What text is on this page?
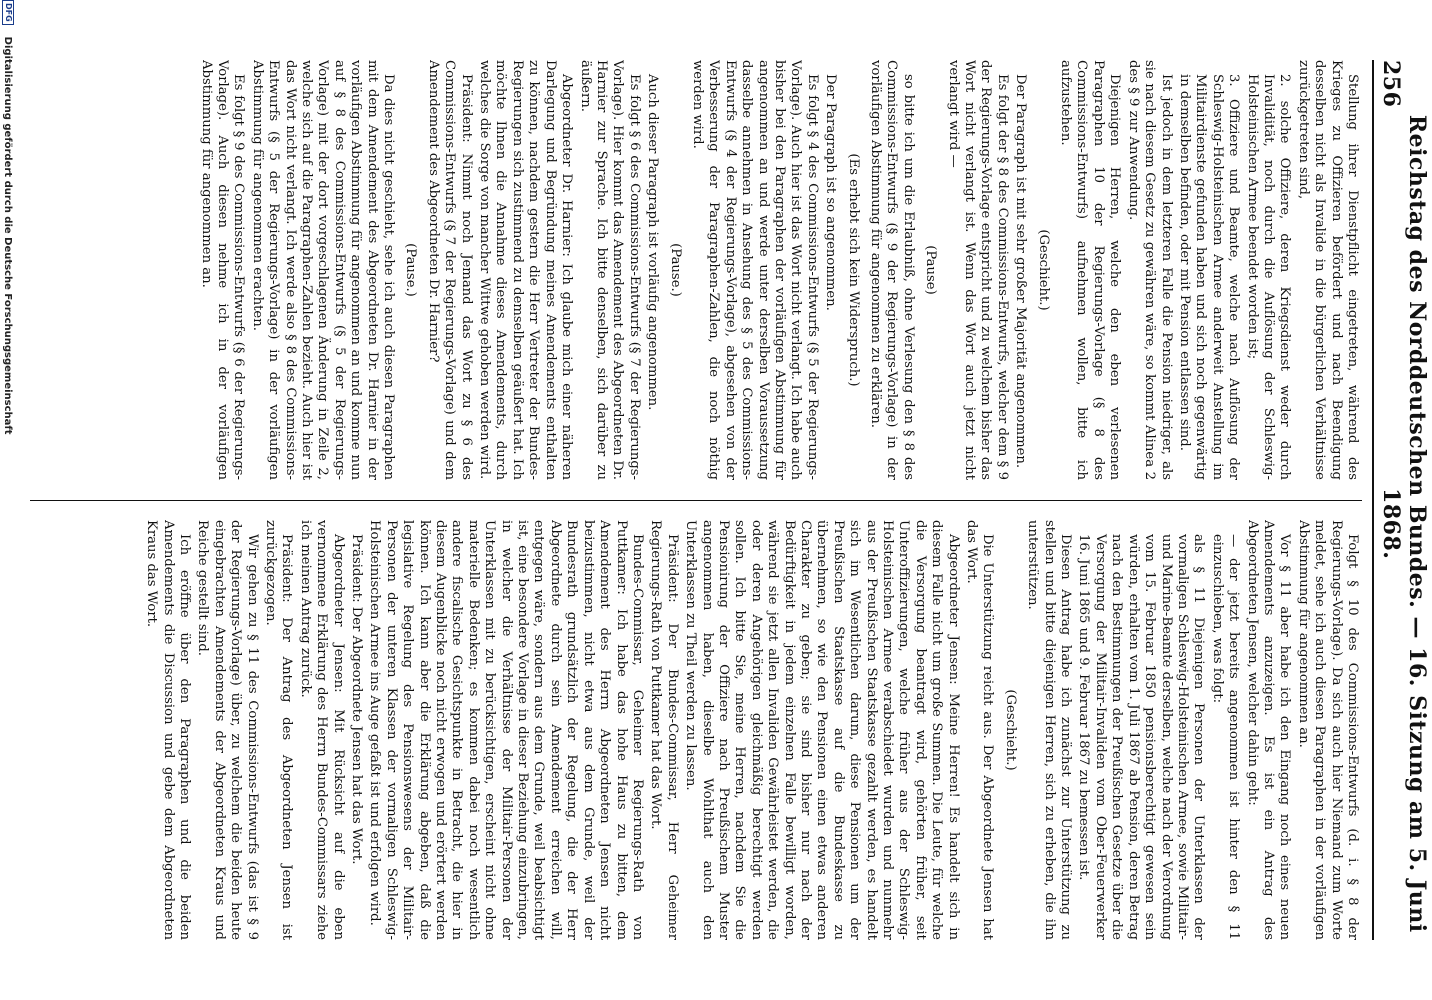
256
Reichstag des Norddeutschen Bundes. — 16. Sitzung am 5. Juni 1868.

Stellung ihrer Dienstpflicht eingetreten, während des Krieges zu Offizieren befördert und nach Beendigung desselben nicht als Invalide in die bürgerlichen Verhältnisse zurückgetreten sind,

2. solche Offiziere, deren Kriegsdienst weder durch Invalidität, noch durch die Auflösung der Schleswig-Holsteinischen Armee beendet worden ist;

3. Offiziere und Beamte, welche nach Auflösung der Schleswig-Holsteinischen Armee anderweit Anstellung im Militairdienste gefunden haben und sich noch gegenwärtig in demselben befinden, oder mit Pension entlassen sind.

Ist jedoch in dem letzteren Falle die Pension niedriger, als sie nach diesem Gesetz zu gewähren wäre, so kommt Alinea 2 des § 9 zur Anwendung.

Diejenigen Herren, welche den eben verlesenen Paragraphen 10 der Regierungs-Vorlage (§ 8 des Commissions-Entwurfs) aufnehmen wollen, bitte ich aufzustehen.

(Geschieht.)

Der Paragraph ist mit sehr großer Majorität angenommen.

Es folgt der § 8 des Commissions-Entwurfs, welcher dem § 9 der Regierungs-Vorlage entspricht und zu welchem bisher das Wort nicht verlangt ist. Wenn das Wort auch jetzt nicht verlangt wird —

(Pause)

so bitte ich um die Erlaubniß, ohne Verlesung den § 8 des Commissions-Entwurfs (§ 9 der Regierungs-Vorlage) in der vorläufigen Abstimmung für angenommen zu erklären.

(Es erhebt sich kein Widerspruch.)

Der Paragraph ist so angenommen.

Es folgt § 4 des Commissions-Entwurfs (§ 5 der Regierungs-Vorlage). Auch hier ist das Wort nicht verlangt. Ich habe auch bisher bei den Paragraphen der vorläufigen Abstimmung für angenommen an und werde unter derselben Voraussetzung dasselbe annehmen in Ansehung des § 5 des Commissions-Entwurfs (§ 4 der Regierungs-Vorlage), abgesehen von der Verbesserung der Paragraphen-Zahlen, die noch nöthig werden wird.

(Pause.)

Auch dieser Paragraph ist vorläufig angenommen.

Es folgt § 6 des Commissions-Entwurfs (§ 7 der Regierungs-Vorlage). Hier kommt das Amendement des Abgeordneten Dr. Harnier zur Sprache. Ich bitte denselben, sich darüber zu äußern.

Abgeordneter Dr. Harnier: Ich glaube mich einer näheren Darlegung und Begründung meines Amendements enthalten zu können, nachdem gestern die Herr Vertreter der Bundes-Regierungen sich zustimmend zu demselben geäußert hat. Ich möchte Ihnen die Annahme dieses Amendements, durch welches die Sorge von mancher Wittwe gehoben werden wird.

Präsident: Nimmt noch Jemand das Wort zu § 6 des Commissions-Entwurfs (§ 7 der Regierungs-Vorlage) und dem Amendement des Abgeordneten Dr. Harnier?

(Pause.)

Da dies nicht geschieht, sehe ich auch diesen Paragraphen mit dem Amendement des Abgeordneten Dr. Harnier in der vorläufigen Abstimmung für angenommen an und komme nun auf § 8 des Commissions-Entwurfs (§ 5 der Regierungs-Vorlage) mit der dort vorgeschlagenen Änderung in Zeile 2, welche sich auf die Paragraphen-Zahlen bezieht. Auch hier ist das Wort nicht verlangt. Ich werde also § 8 des Commissions-Entwurfs (§ 5 der Regierungs-Vorlage) in der vorläufigen Abstimmung für angenommen erachten.

Es folgt § 9 des Commissions-Entwurfs (§ 6 der Regierungs-Vorlage). Auch diesen nehme ich in der vorläufigen Abstimmung für angenommen an.

Folgt § 10 des Commissions-Entwurfs (d. i. § 8 der Regierungs-Vorlage). Da sich auch hier Niemand zum Worte meldet, sehe ich auch diesen Paragraphen in der vorläufigen Abstimmung für angenommen an.

Vor § 11 aber habe ich den Eingang noch eines neuen Amendements anzuzeigen. Es ist ein Antrag des Abgeordneten Jensen, welcher dahin geht:

— der jetzt bereits angenommen ist hinter den § 11 einzuschieben, was folgt:

als § 11 Diejenigen Personen der Unterklassen der vormaligen Schleswig-Holsteinischen Armee, sowie Militair- und Marine-Beamte derselben, welche nach der Verordnung vom 15. Februar 1850 pensionsberechtigt gewesen sein würden, erhalten vom 1. Juli 1867 ab Pension, deren Betrag nach den Bestimmungen der Preußischen Gesetze über die Versorgung der Militair-Invaliden vom Ober-Feuerwerker 16. Juni 1865 und 9. Februar 1867 zu bemessen ist.

Diesen Antrag habe ich zunächst zur Unterstützung zu stellen und bitte diejenigen Herren, sich zu erheben, die ihn unterstützen.

(Geschieht.)

Die Unterstützung reicht aus. Der Abgeordnete Jensen hat das Wort.

Abgeordneter Jensen: Meine Herren! Es handelt sich in diesem Falle nicht um große Summen. Die Leute, für welche die Versorgung beantragt wird, gehörten früher, seit Unteroffizierungen, welche früher aus der Schleswig-Holsteinischen Armee verabschiedet wurden und nunmehr aus der Preußischen Staatskasse gezahlt werden, es handelt sich im Wesentlichen darum, diese Pensionen um der Preußischen Staatskasse auf die Bundeskasse zu übernehmen, so wie den Pensionen einen etwas anderen Charakter zu geben; sie sind bisher nur nach der Bedürftigkeit in jedem einzelnen Falle bewilligt worden, während sie jetzt allen Invaliden Gewährleistet werden, die oder deren Angehörigen gleichmäßig berechtigt werden sollen. Ich bitte Sie, meine Herren, nachdem Sie die Pensionirung der Offiziere nach Preußischem Muster angenommen haben, dieselbe Wohlthat auch den Unterklassen zu Theil werden zu lassen.

Präsident: Der Bundes-Commissar, Herr Geheimer Regierungs-Rath von Puttkamer hat das Wort.

Bundes-Commissar, Geheimer Regierungs-Rath von Puttkamer: Ich habe das hohe Haus zu bitten, dem Amendement des Herrn Abgeordneten Jensen nicht beizustimmen, nicht etwa aus dem Grunde, weil der Bundesrath grundsätzlich der Regelung, die der Herr Abgeordnete durch sein Amendement erreichen will, entgegen wäre, sondern aus dem Grunde, weil beabsichtigt ist, eine besondere Vorlage in dieser Beziehung einzubringen, in welcher die Verhältnisse der Militair-Personen der Unterklassen mit zu berücksichtigen, erscheint nicht ohne materielle Bedenken; es kommen dabei noch wesentlich andere fiscalische Gesichtspunkte in Betracht, die hier in diesem Augenblicke noch nicht erwogen und erörtert werden können. Ich kann aber die Erklärung abgeben, daß die legislative Regelung des Pensionswesens der Militair-Personen der unteren Klassen der vormaligen Schleswig-Holsteinischen Armee ins Auge gefaßt ist und erfolgen wird.

Präsident: Der Abgeordnete Jensen hat das Wort.

Abgeordneter Jensen: Mit Rücksicht auf die eben vernommene Erklärung des Herrn Bundes-Commissars ziehe ich meinen Antrag zurück.

Präsident: Der Antrag des Abgeordneten Jensen ist zurückgezogen.

Wir gehen zu § 11 des Commissions-Entwurfs (das ist § 9 der Regierungs-Vorlage) über, zu welchem die beiden heute eingebrachten Amendements der Abgeordneten Kraus und Reiche gestellt sind.

Ich eröffne über den Paragraphen und die beiden Amendements die Discussion und gebe dem Abgeordneten Kraus das Wort.

DFG
Digitalisierung gefördert durch die Deutsche Forschungsgemeinschaft
